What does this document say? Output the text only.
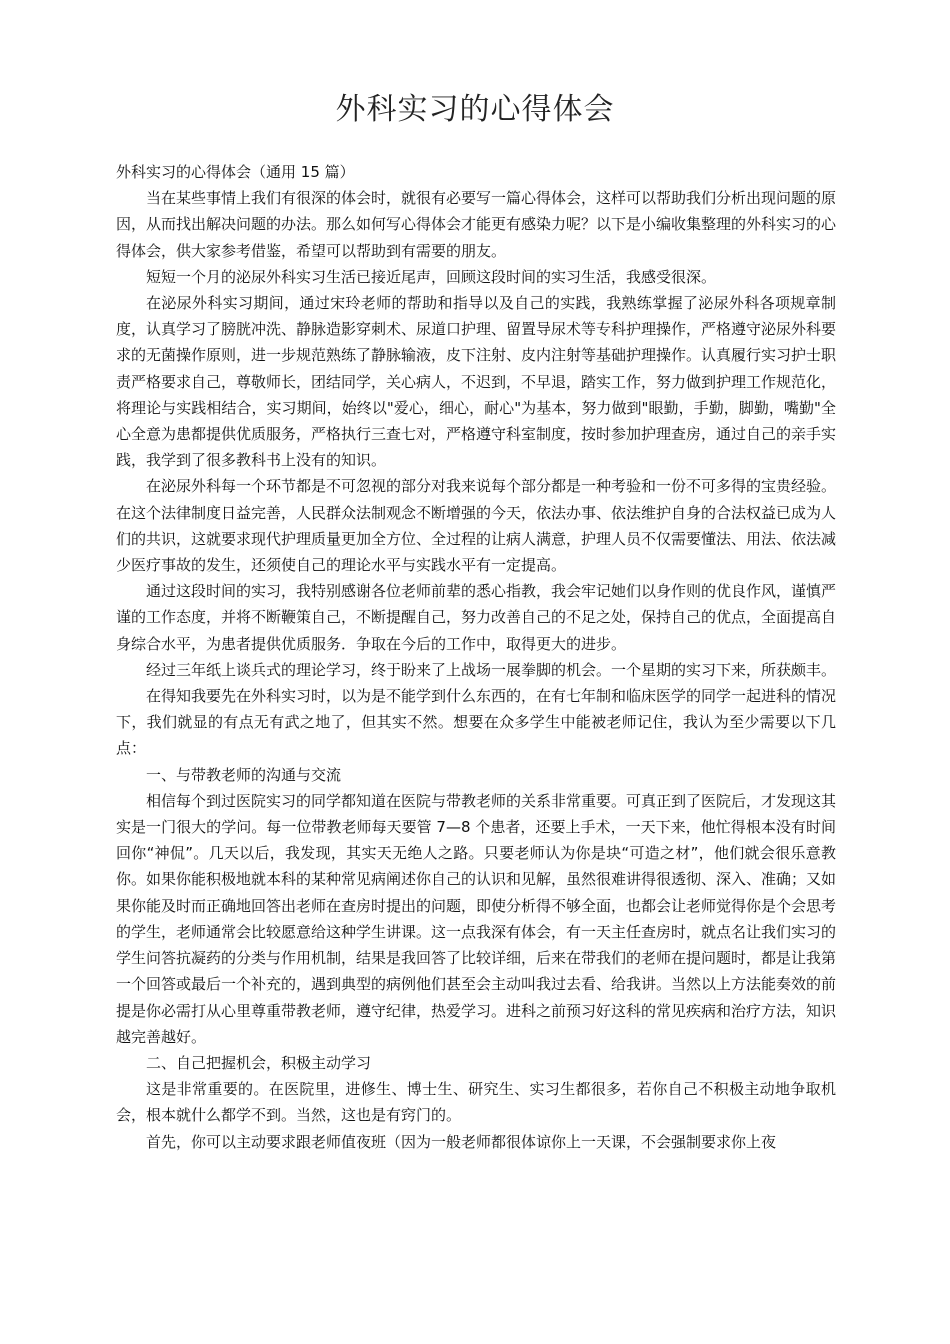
外科实习的心得体会

外科实习的心得体会（通用 15 篇）

当在某些事情上我们有很深的体会时，就很有必要写一篇心得体会，这样可以帮助我们分析出现问题的原因，从而找出解决问题的办法。那么如何写心得体会才能更有感染力呢？以下是小编收集整理的外科实习的心得体会，供大家参考借鉴，希望可以帮助到有需要的朋友。

短短一个月的泌尿外科实习生活已接近尾声，回顾这段时间的实习生活，我感受很深。

在泌尿外科实习期间，通过宋玲老师的帮助和指导以及自己的实践，我熟练掌握了泌尿外科各项规章制度，认真学习了膀胱冲洗、静脉造影穿刺术、尿道口护理、留置导尿术等专科护理操作，严格遵守泌尿外科要求的无菌操作原则，进一步规范熟练了静脉输液，皮下注射、皮内注射等基础护理操作。认真履行实习护士职责严格要求自己，尊敬师长，团结同学，关心病人，不迟到，不早退，踏实工作，努力做到护理工作规范化，将理论与实践相结合，实习期间，始终以"爱心，细心，耐心"为基本，努力做到"眼勤，手勤，脚勤，嘴勤"全心全意为患都提供优质服务，严格执行三查七对，严格遵守科室制度，按时参加护理查房，通过自己的亲手实践，我学到了很多教科书上没有的知识。

在泌尿外科每一个环节都是不可忽视的部分对我来说每个部分都是一种考验和一份不可多得的宝贵经验。在这个法律制度日益完善，人民群众法制观念不断增强的今天，依法办事、依法维护自身的合法权益已成为人们的共识，这就要求现代护理质量更加全方位、全过程的让病人满意，护理人员不仅需要懂法、用法、依法减少医疗事故的发生，还须使自己的理论水平与实践水平有一定提高。

通过这段时间的实习，我特别感谢各位老师前辈的悉心指教，我会牢记她们以身作则的优良作风，谨慎严谨的工作态度，并将不断鞭策自己，不断提醒自己，努力改善自己的不足之处，保持自己的优点，全面提高自身综合水平，为患者提供优质服务．争取在今后的工作中，取得更大的进步。

经过三年纸上谈兵式的理论学习，终于盼来了上战场一展拳脚的机会。一个星期的实习下来，所获颇丰。

在得知我要先在外科实习时，以为是不能学到什么东西的，在有七年制和临床医学的同学一起进科的情况下，我们就显的有点无有武之地了，但其实不然。想要在众多学生中能被老师记住，我认为至少需要以下几点：

一、与带教老师的沟通与交流

相信每个到过医院实习的同学都知道在医院与带教老师的关系非常重要。可真正到了医院后，才发现这其实是一门很大的学问。每一位带教老师每天要管 7—8 个患者，还要上手术，一天下来，他忙得根本没有时间回你“神侃”。几天以后，我发现，其实天无绝人之路。只要老师认为你是块“可造之材”，他们就会很乐意教你。如果你能积极地就本科的某种常见病阐述你自己的认识和见解，虽然很难讲得很透彻、深入、准确；又如果你能及时而正确地回答出老师在查房时提出的问题，即使分析得不够全面，也都会让老师觉得你是个会思考的学生，老师通常会比较愿意给这种学生讲课。这一点我深有体会，有一天主任查房时，就点名让我们实习的学生问答抗凝药的分类与作用机制，结果是我回答了比较详细，后来在带我们的老师在提问题时，都是让我第一个回答或最后一个补充的，遇到典型的病例他们甚至会主动叫我过去看、给我讲。当然以上方法能奏效的前提是你必需打从心里尊重带教老师，遵守纪律，热爱学习。进科之前预习好这科的常见疾病和治疗方法，知识越完善越好。

二、自己把握机会，积极主动学习

这是非常重要的。在医院里，进修生、博士生、研究生、实习生都很多，若你自己不积极主动地争取机会，根本就什么都学不到。当然，这也是有窍门的。

首先，你可以主动要求跟老师值夜班（因为一般老师都很体谅你上一天课，不会强制要求你上夜
